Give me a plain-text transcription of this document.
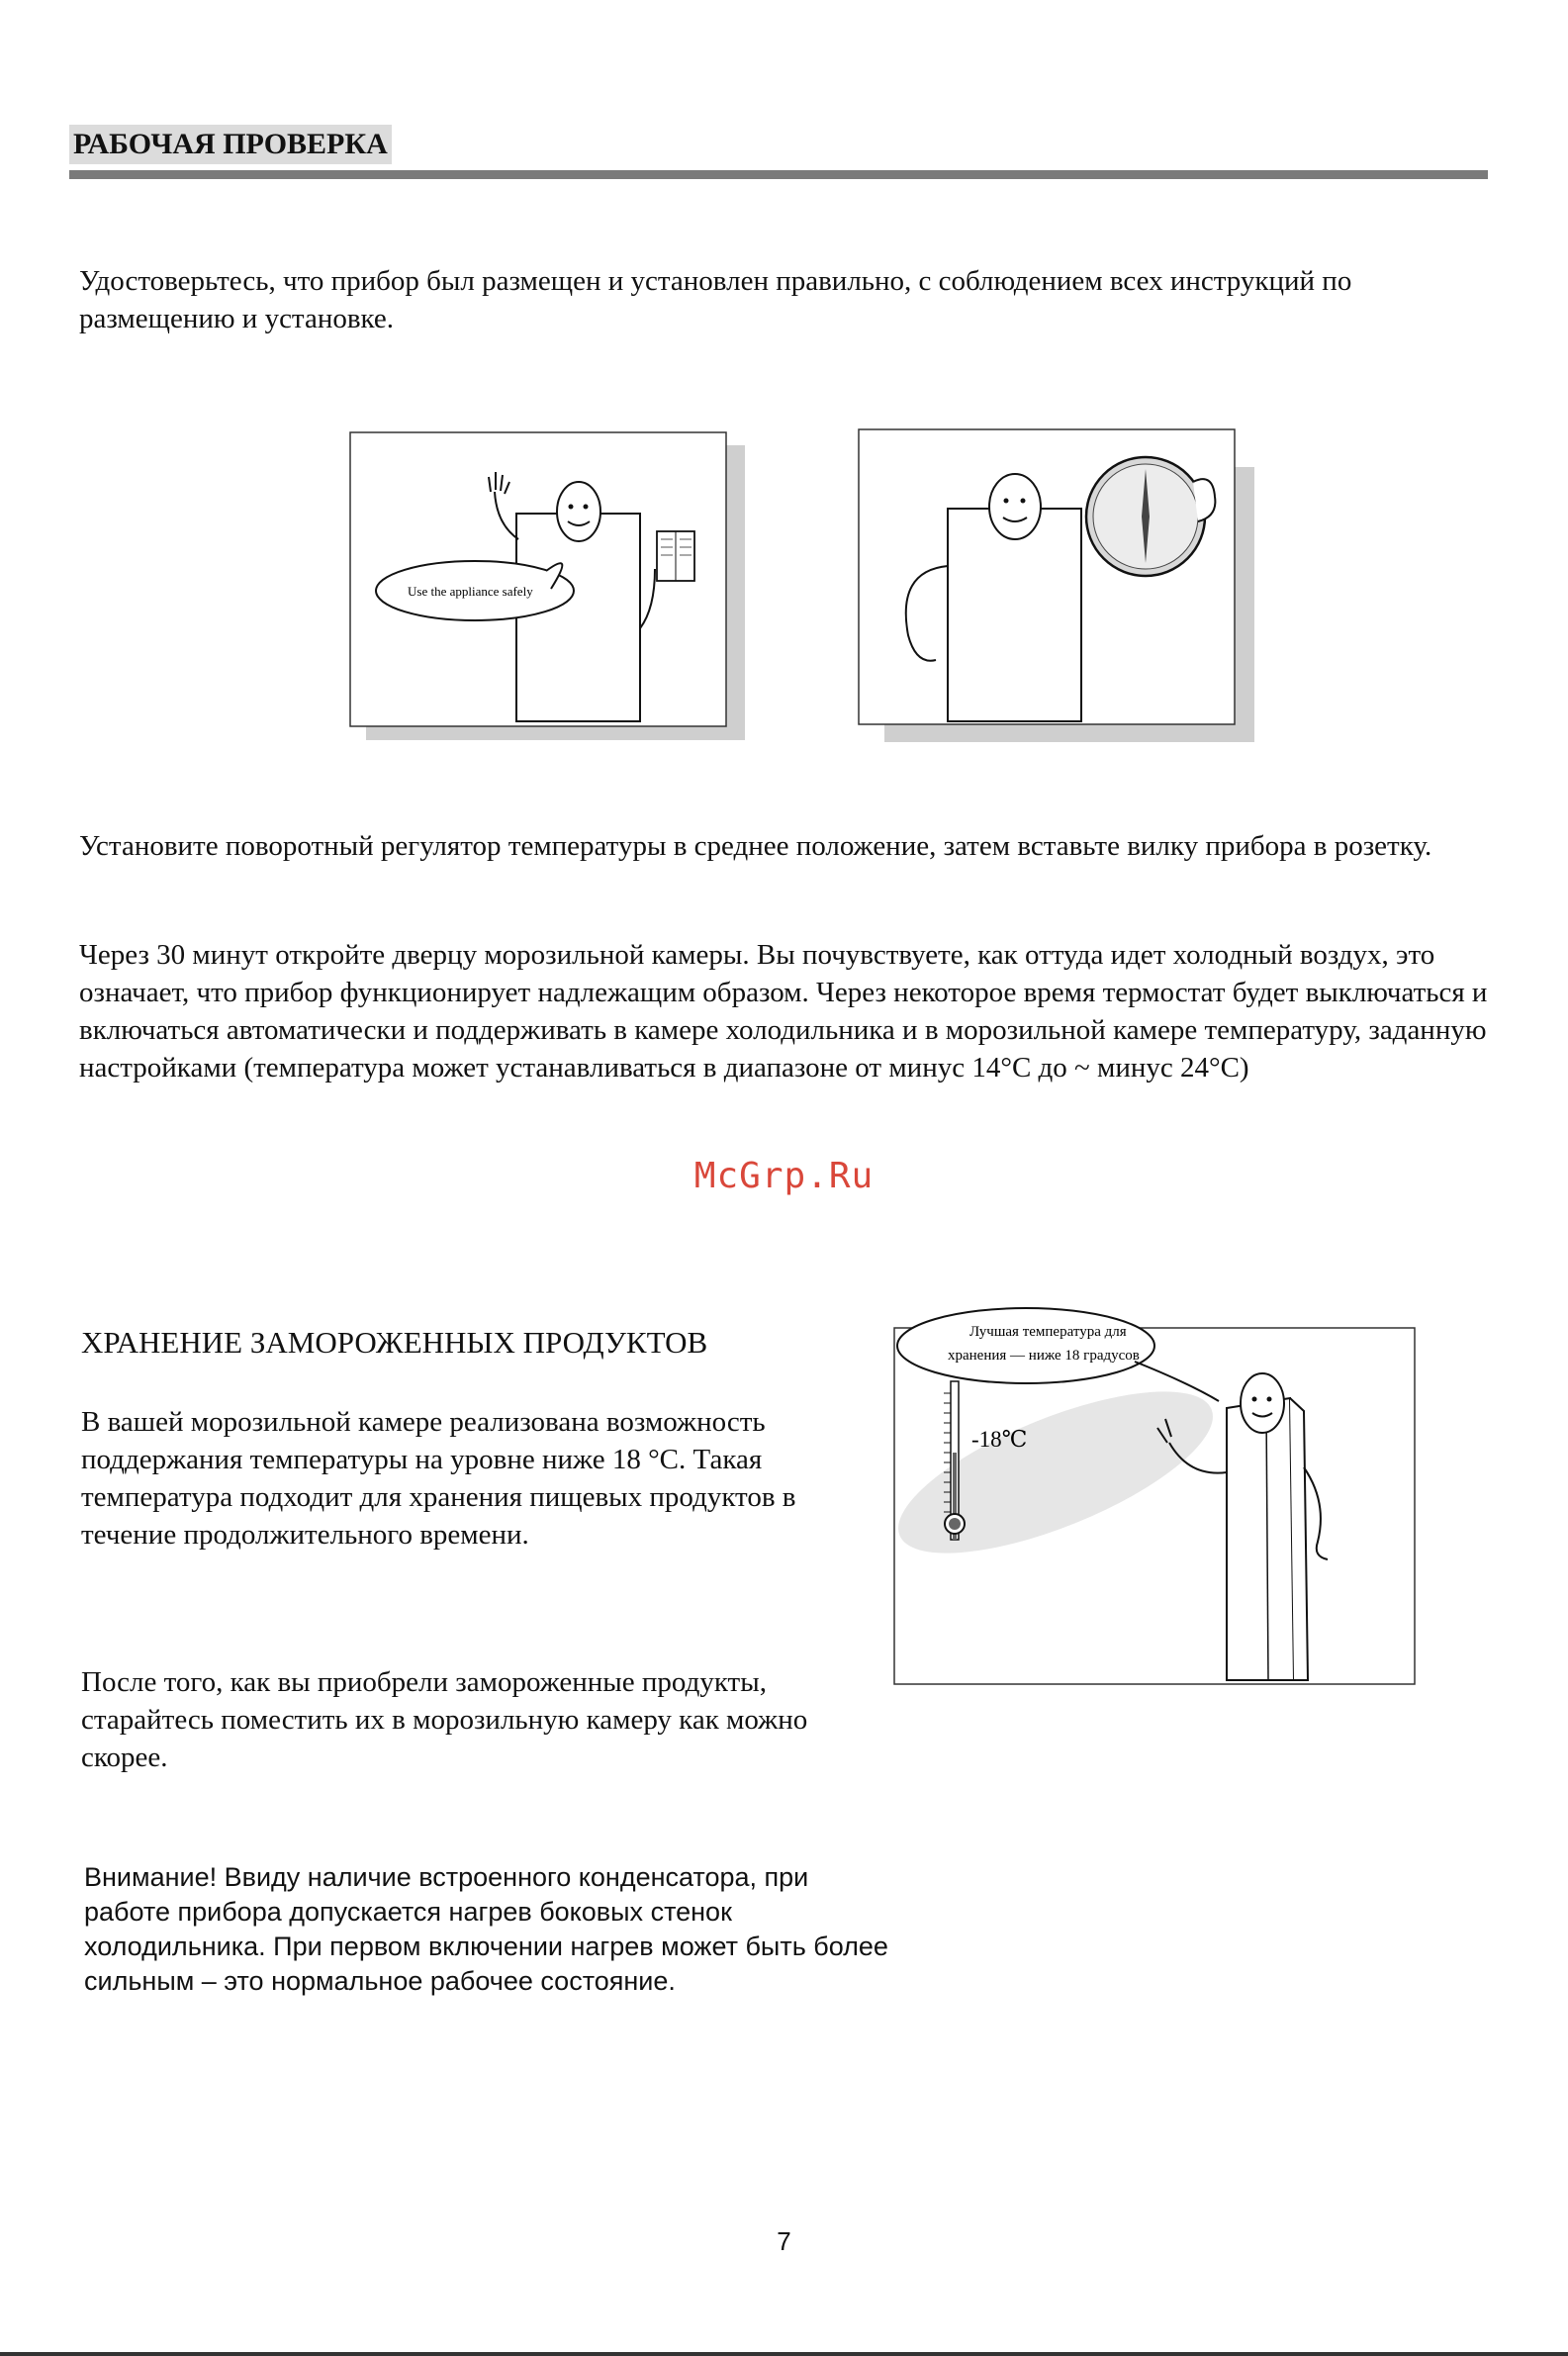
РАБОЧАЯ ПРОВЕРКА

Удостоверьтесь, что прибор был размещен и установлен правильно, с соблюдением всех инструкций по размещению и установке.

Use the appliance safely

Установите поворотный регулятор температуры в среднее положение, затем вставьте вилку прибора в розетку.

Через 30 минут откройте дверцу морозильной камеры. Вы почувствуете, как оттуда идет холодный воздух, это означает, что прибор функционирует надлежащим образом. Через некоторое время термостат будет выключаться и включаться автоматически и поддерживать в камере холодильника и в морозильной камере температуру, заданную настройками (температура может устанавливаться в диапазоне от минус 14°C до ~ минус 24°C)

McGrp.Ru
ХРАНЕНИЕ ЗАМОРОЖЕННЫХ ПРОДУКТОВ

В вашей морозильной камере реализована возможность поддержания температуры на уровне ниже 18 °С. Такая температура подходит для хранения пищевых продуктов в течение продолжительного времени.

После того, как вы приобрели замороженные продукты, старайтесь поместить их в морозильную камеру как можно скорее.

Лучшая температура для
хранения — ниже 18 градусов
-18℃
Внимание! Ввиду наличие встроенного конденсатора, при работе прибора допускается нагрев боковых стенок холодильника. При первом включении нагрев может быть более сильным – это нормальное рабочее состояние.
7
